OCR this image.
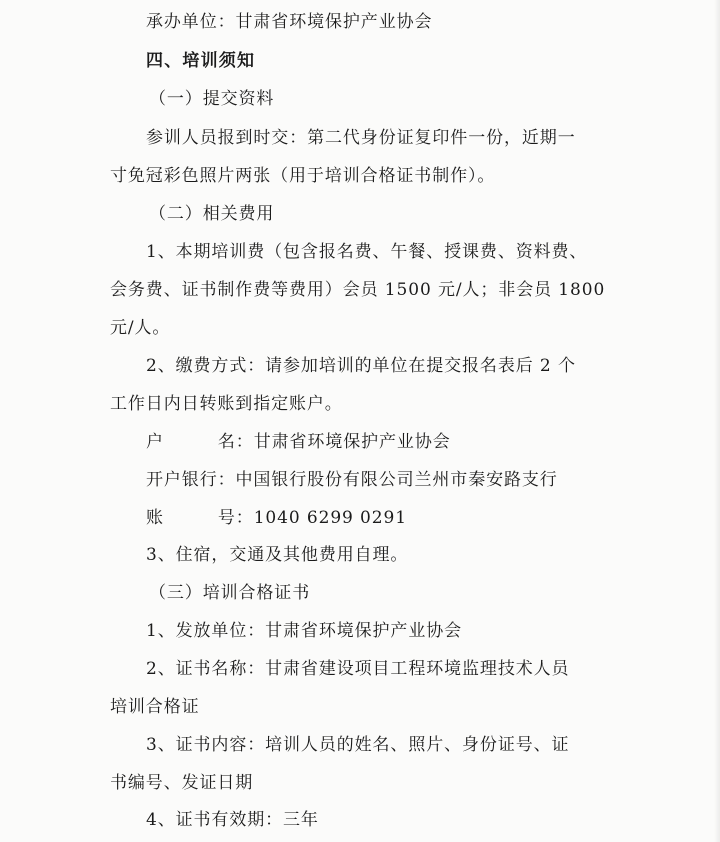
承办单位：甘肃省环境保护产业协会
四、培训须知
（一）提交资料
参训人员报到时交：第二代身份证复印件一份，近期一
寸免冠彩色照片两张（用于培训合格证书制作）。
（二）相关费用
1、本期培训费（包含报名费、午餐、授课费、资料费、
会务费、证书制作费等费用）会员 1500 元/人；非会员 1800
元/人。
2、缴费方式：请参加培训的单位在提交报名表后 2 个
工作日内日转账到指定账户。
户	名：甘肃省环境保护产业协会
开户银行：中国银行股份有限公司兰州市秦安路支行
账	号：1040 6299 0291
3、住宿，交通及其他费用自理。
（三）培训合格证书
1、发放单位：甘肃省环境保护产业协会
2、证书名称：甘肃省建设项目工程环境监理技术人员
培训合格证
3、证书内容：培训人员的姓名、照片、身份证号、证
书编号、发证日期
4、证书有效期：三年
